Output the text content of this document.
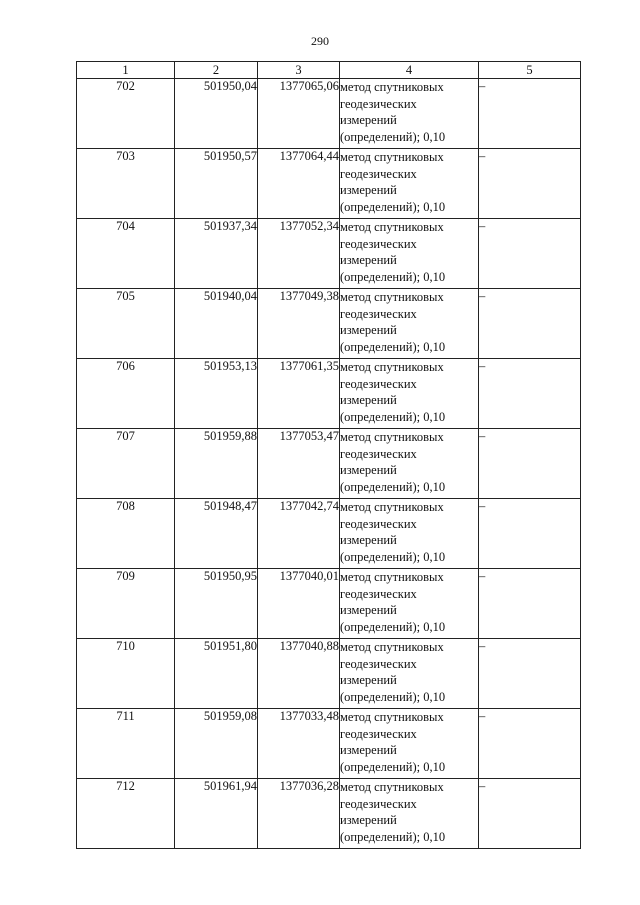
290
1	2	3	4	5
702	501950,04	1377065,06	метод спутниковых
геодезических
измерений
(определений); 0,10	–
703	501950,57	1377064,44	метод спутниковых
геодезических
измерений
(определений); 0,10	–
704	501937,34	1377052,34	метод спутниковых
геодезических
измерений
(определений); 0,10	–
705	501940,04	1377049,38	метод спутниковых
геодезических
измерений
(определений); 0,10	–
706	501953,13	1377061,35	метод спутниковых
геодезических
измерений
(определений); 0,10	–
707	501959,88	1377053,47	метод спутниковых
геодезических
измерений
(определений); 0,10	–
708	501948,47	1377042,74	метод спутниковых
геодезических
измерений
(определений); 0,10	–
709	501950,95	1377040,01	метод спутниковых
геодезических
измерений
(определений); 0,10	–
710	501951,80	1377040,88	метод спутниковых
геодезических
измерений
(определений); 0,10	–
711	501959,08	1377033,48	метод спутниковых
геодезических
измерений
(определений); 0,10	–
712	501961,94	1377036,28	метод спутниковых
геодезических
измерений
(определений); 0,10	–
